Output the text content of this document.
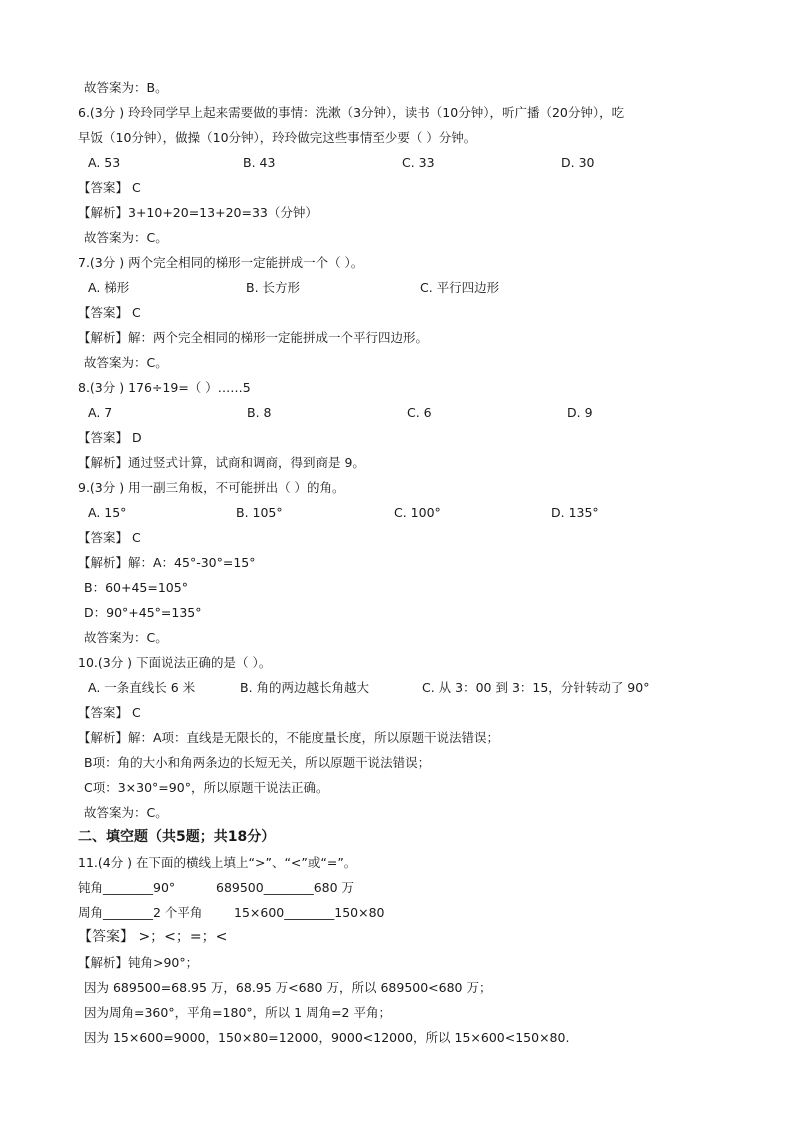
故答案为：B。
6.(3分 ) 玲玲同学早上起来需要做的事情：洗漱（3分钟），读书（10分钟），听广播（20分钟），吃
早饭（10分钟），做操（10分钟），玲玲做完这些事情至少要（ ）分钟。
A. 53	B. 43	C. 33	D. 30
【答案】 C
【解析】3+10+20=13+20=33（分钟）
故答案为：C。
7.(3分 ) 两个完全相同的梯形一定能拼成一个（ ）。
A. 梯形	B. 长方形	C. 平行四边形
【答案】 C
【解析】解：两个完全相同的梯形一定能拼成一个平行四边形。
故答案为：C。
8.(3分 ) 176÷19=（ ）……5
A. 7	B. 8	C. 6	D. 9
【答案】 D
【解析】通过竖式计算，试商和调商，得到商是 9。
9.(3分 ) 用一副三角板，不可能拼出（ ）的角。
A. 15°	B. 105°	C. 100°	D. 135°
【答案】 C
【解析】解：A：45°-30°=15°
B：60+45=105°
D：90°+45°=135°
故答案为：C。
10.(3分 ) 下面说法正确的是（ ）。
A. 一条直线长 6 米	B. 角的两边越长角越大	C. 从 3：00 到 3：15，分针转动了 90°
【答案】 C
【解析】解：A项：直线是无限长的，不能度量长度，所以原题干说法错误；
B项：角的大小和角两条边的长短无关，所以原题干说法错误；
C项：3×30°=90°，所以原题干说法正确。
故答案为：C。
二、填空题（共5题；共18分）
11.(4分 ) 在下面的横线上填上“>”、“<”或“=”。
钝角________90°	689500________680 万
周角________2 个平角	15×600________150×80
【答案】 >；<；=；<
【解析】钝角>90°；
因为 689500=68.95 万，68.95 万<680 万，所以 689500<680 万；
因为周角=360°，平角=180°，所以 1 周角=2 平角；
因为 15×600=9000，150×80=12000，9000<12000，所以 15×600<150×80.
